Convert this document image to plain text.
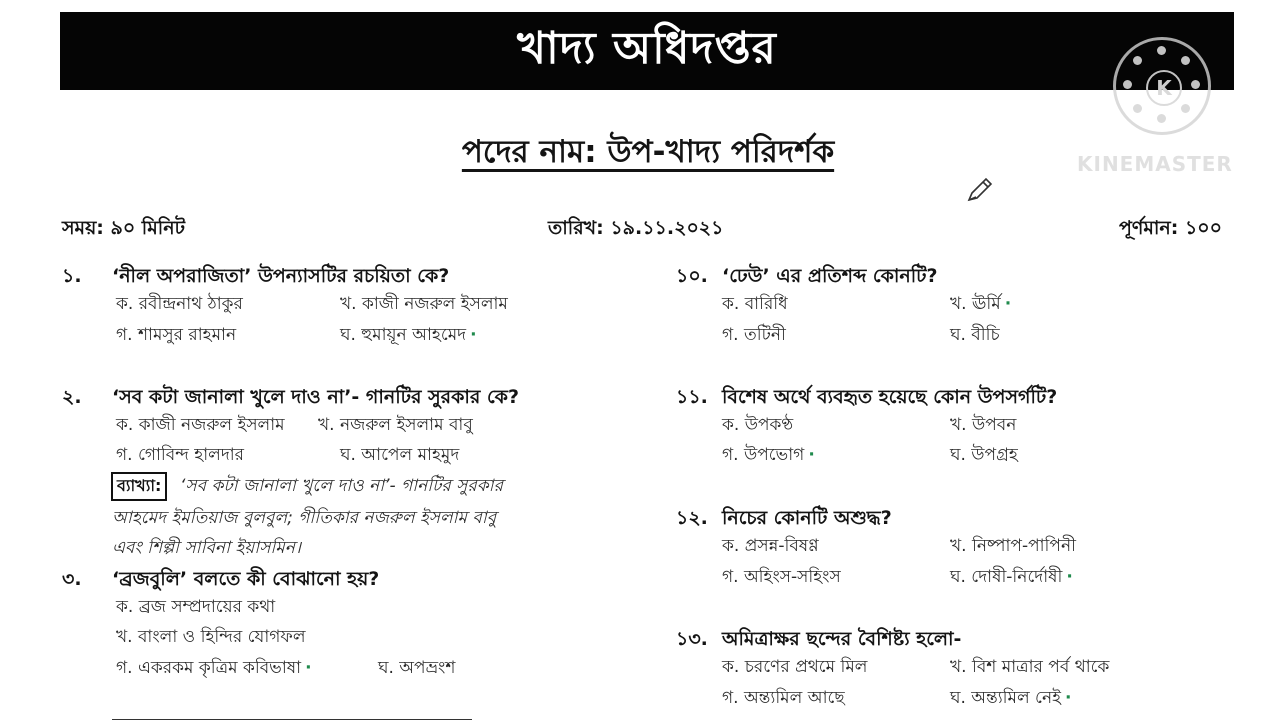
খাদ্য অধিদপ্তর
K
KINEMASTER
পদের নাম: উপ-খাদ্য পরিদর্শক
সময়: ৯০ মিনিট	তারিখ: ১৯.১১.২০২১	পূর্ণমান: ১০০
১. ‘নীল অপরাজিতা’ উপন্যাসটির রচয়িতা কে?
ক. রবীন্দ্রনাথ ঠাকুর	খ. কাজী নজরুল ইসলাম
গ. শামসুর রাহমান	ঘ. হুমায়ূন আহমেদ ·
২. ‘সব কটা জানালা খুলে দাও না’- গানটির সুরকার কে?
ক. কাজী নজরুল ইসলাম খ. নজরুল ইসলাম বাবু
গ. গোবিন্দ হালদার	ঘ. আপেল মাহমুদ
ব্যাখ্যা:	‘সব কটা জানালা খুলে দাও না’- গানটির সুরকার
আহমেদ ইমতিয়াজ বুলবুল; গীতিকার নজরুল ইসলাম বাবু
এবং শিল্পী সাবিনা ইয়াসমিন।
৩. ‘ব্রজবুলি’ বলতে কী বোঝানো হয়?
ক. ব্রজ সম্প্রদায়ের কথা
খ. বাংলা ও হিন্দির যোগফল
গ. একরকম কৃত্রিম কবিভাষা ·	ঘ. অপভ্রংশ
১০. ‘ঢেউ’ এর প্রতিশব্দ কোনটি?
ক. বারিধি	খ. ঊর্মি ·
গ. তটিনী	ঘ. বীচি
১১. বিশেষ অর্থে ব্যবহৃত হয়েছে কোন উপসর্গটি?
ক. উপকণ্ঠ	খ. উপবন
গ. উপভোগ ·	ঘ. উপগ্রহ
১২. নিচের কোনটি অশুদ্ধ?
ক. প্রসন্ন-বিষণ্ণ	খ. নিষ্পাপ-পাপিনী
গ. অহিংস-সহিংস	ঘ. দোষী-নির্দোষী ·
১৩. অমিত্রাক্ষর ছন্দের বৈশিষ্ট্য হলো-
ক. চরণের প্রথমে মিল	খ. বিশ মাত্রার পর্ব থাকে
গ. অন্ত্যমিল আছে	ঘ. অন্ত্যমিল নেই ·
